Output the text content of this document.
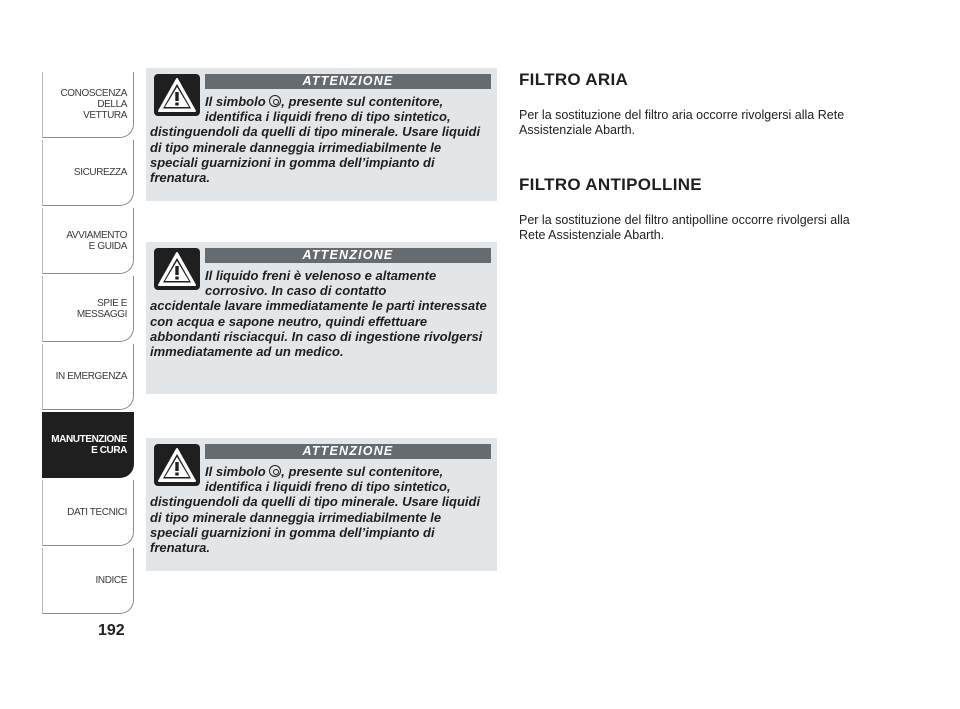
CONOSCENZA
DELLA
VETTURA
SICUREZZA
AVVIAMENTO
E GUIDA
SPIE E
MESSAGGI
IN EMERGENZA
MANUTENZIONE
E CURA
DATI TECNICI
INDICE
192
ATTENZIONE
Il simbolo , presente sul contenitore,
identifica i liquidi freno di tipo sintetico,
distinguendoli da quelli di tipo minerale. Usare liquidi di tipo minerale danneggia irrimediabilmente le speciali guarnizioni in gomma dell’impianto di frenatura.
ATTENZIONE
Il liquido freni è velenoso e altamente
corrosivo. In caso di contatto
accidentale lavare immediatamente le parti interessate con acqua e sapone neutro, quindi effettuare abbondanti risciacqui. In caso di ingestione rivolgersi immediatamente ad un medico.
ATTENZIONE
Il simbolo , presente sul contenitore,
identifica i liquidi freno di tipo sintetico,
distinguendoli da quelli di tipo minerale. Usare liquidi di tipo minerale danneggia irrimediabilmente le speciali guarnizioni in gomma dell’impianto di frenatura.
FILTRO ARIA

Per la sostituzione del filtro aria occorre rivolgersi alla Rete Assistenziale Abarth.

FILTRO ANTIPOLLINE

Per la sostituzione del filtro antipolline occorre rivolgersi alla Rete Assistenziale Abarth.
